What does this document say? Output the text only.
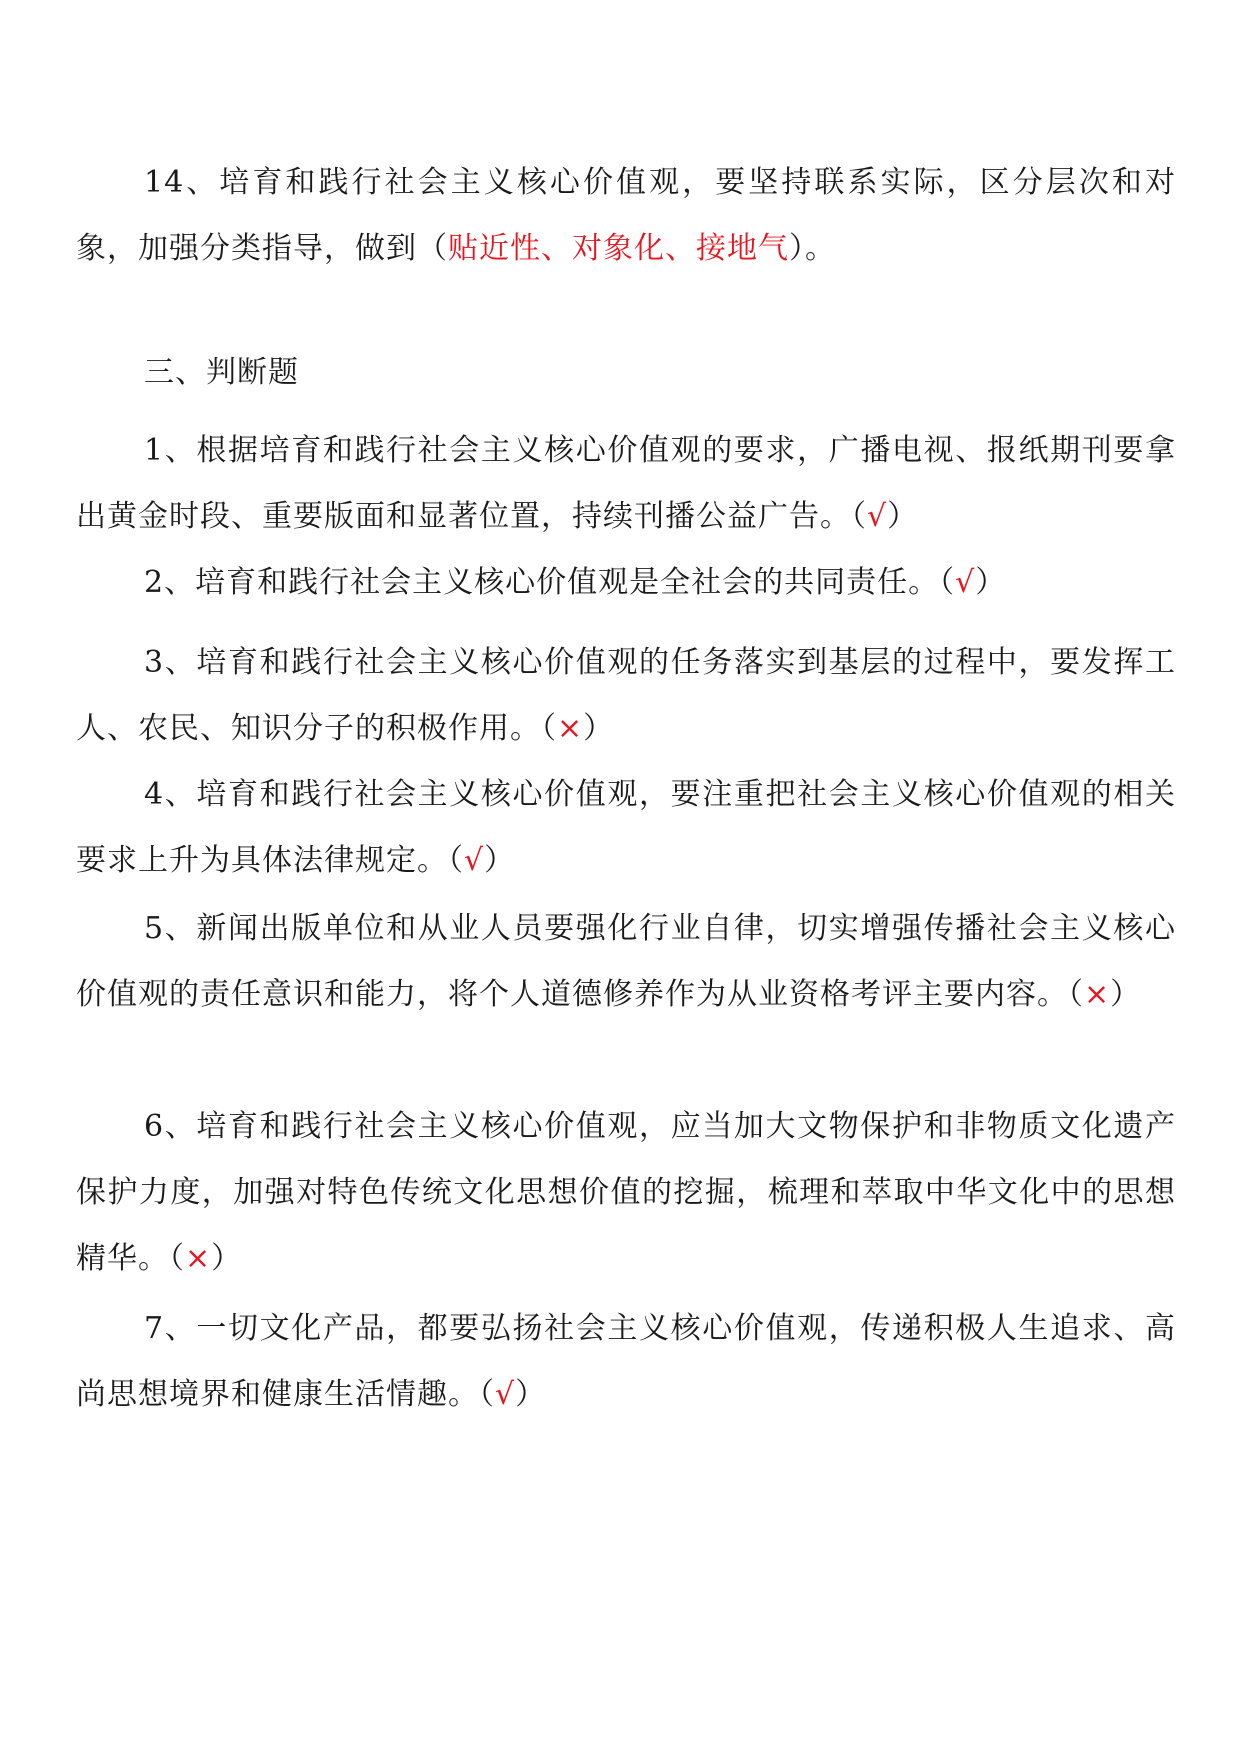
14、培育和践行社会主义核心价值观，要坚持联系实际，区分层次和对象，加强分类指导，做到（贴近性、对象化、接地气）。

三、判断题

1、根据培育和践行社会主义核心价值观的要求，广播电视、报纸期刊要拿出黄金时段、重要版面和显著位置，持续刊播公益广告。（√）

2、培育和践行社会主义核心价值观是全社会的共同责任。（√）

3、培育和践行社会主义核心价值观的任务落实到基层的过程中，要发挥工人、农民、知识分子的积极作用。（×）

4、培育和践行社会主义核心价值观，要注重把社会主义核心价值观的相关要求上升为具体法律规定。（√）

5、新闻出版单位和从业人员要强化行业自律，切实增强传播社会主义核心价值观的责任意识和能力，将个人道德修养作为从业资格考评主要内容。（×）

6、培育和践行社会主义核心价值观，应当加大文物保护和非物质文化遗产保护力度，加强对特色传统文化思想价值的挖掘，梳理和萃取中华文化中的思想精华。（×）

7、一切文化产品，都要弘扬社会主义核心价值观，传递积极人生追求、高尚思想境界和健康生活情趣。（√）
